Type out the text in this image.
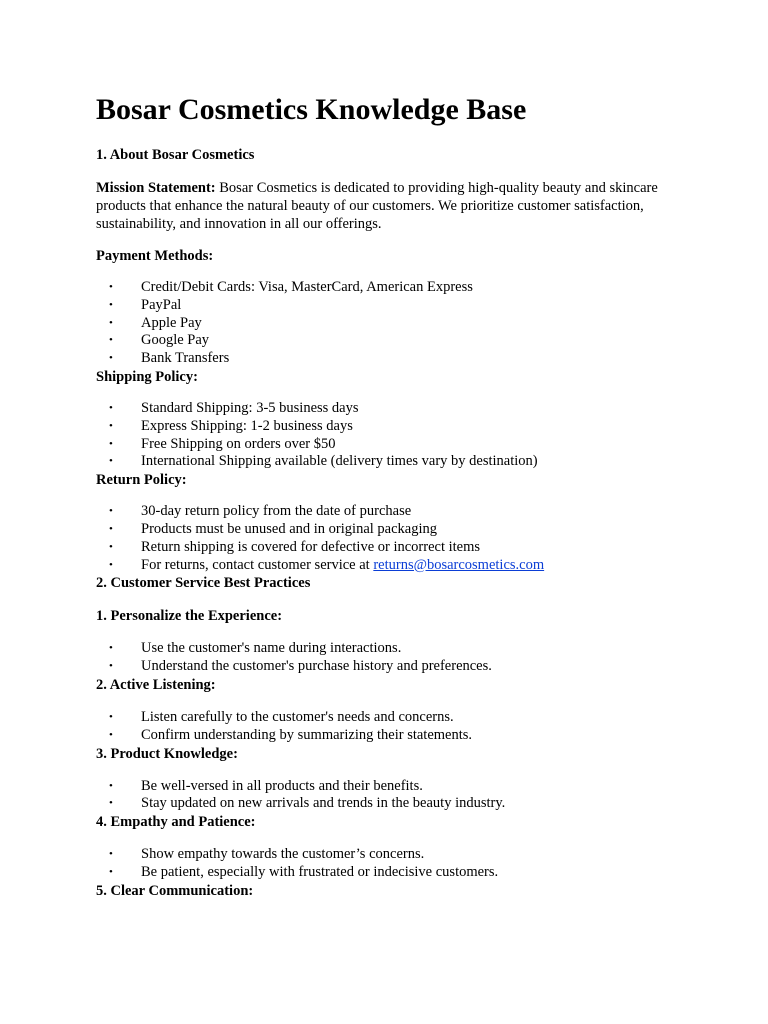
Bosar Cosmetics Knowledge Base

1. About Bosar Cosmetics

Mission Statement: Bosar Cosmetics is dedicated to providing high-quality beauty and skincare products that enhance the natural beauty of our customers. We prioritize customer satisfaction, sustainability, and innovation in all our offerings.

Payment Methods:

• Credit/Debit Cards: Visa, MasterCard, American Express
• PayPal
• Apple Pay
• Google Pay
• Bank Transfers

Shipping Policy:

• Standard Shipping: 3-5 business days
• Express Shipping: 1-2 business days
• Free Shipping on orders over $50
• International Shipping available (delivery times vary by destination)

Return Policy:

• 30-day return policy from the date of purchase
• Products must be unused and in original packaging
• Return shipping is covered for defective or incorrect items
• For returns, contact customer service at returns@bosarcosmetics.com

2. Customer Service Best Practices

1. Personalize the Experience:

• Use the customer's name during interactions.
• Understand the customer's purchase history and preferences.

2. Active Listening:

• Listen carefully to the customer's needs and concerns.
• Confirm understanding by summarizing their statements.

3. Product Knowledge:

• Be well-versed in all products and their benefits.
• Stay updated on new arrivals and trends in the beauty industry.

4. Empathy and Patience:

• Show empathy towards the customer’s concerns.
• Be patient, especially with frustrated or indecisive customers.

5. Clear Communication:
